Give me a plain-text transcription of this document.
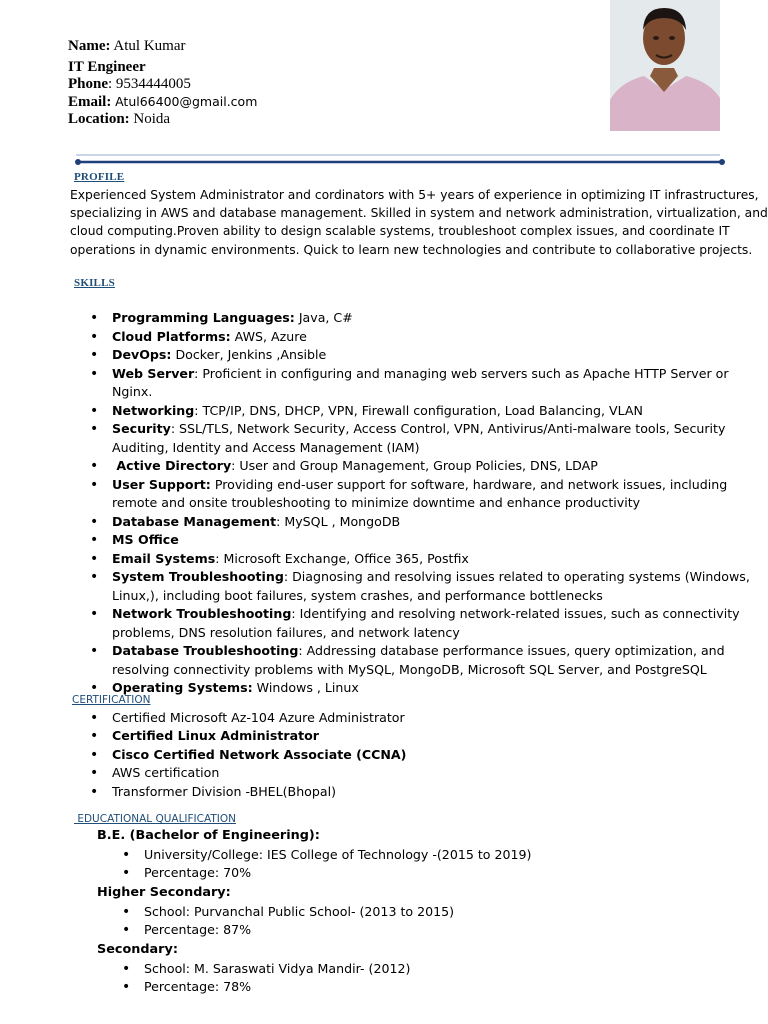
Name: Atul Kumar
IT Engineer
Phone: 9534444005
Email: Atul66400@gmail.com
Location: Noida
PROFILE
Experienced System Administrator and cordinators with 5+ years of experience in optimizing IT infrastructures,
specializing in AWS and database management. Skilled in system and network administration, virtualization, and
cloud computing.Proven ability to design scalable systems, troubleshoot complex issues, and coordinate IT
operations in dynamic environments. Quick to learn new technologies and contribute to collaborative projects.
SKILLS
• Programming Languages: Java, C#
• Cloud Platforms: AWS, Azure
• DevOps: Docker, Jenkins ,Ansible
• Web Server: Proficient in configuring and managing web servers such as Apache HTTP Server or Nginx.
• Networking: TCP/IP, DNS, DHCP, VPN, Firewall configuration, Load Balancing, VLAN
• Security: SSL/TLS, Network Security, Access Control, VPN, Antivirus/Anti-malware tools, Security Auditing, Identity and Access Management (IAM)
• Active Directory: User and Group Management, Group Policies, DNS, LDAP
• User Support: Providing end-user support for software, hardware, and network issues, including remote and onsite troubleshooting to minimize downtime and enhance productivity
• Database Management: MySQL , MongoDB
• MS Office
• Email Systems: Microsoft Exchange, Office 365, Postfix
• System Troubleshooting: Diagnosing and resolving issues related to operating systems (Windows, Linux,), including boot failures, system crashes, and performance bottlenecks
• Network Troubleshooting: Identifying and resolving network-related issues, such as connectivity problems, DNS resolution failures, and network latency
• Database Troubleshooting: Addressing database performance issues, query optimization, and resolving connectivity problems with MySQL, MongoDB, Microsoft SQL Server, and PostgreSQL
• Operating Systems: Windows , Linux
CERTIFICATION
• Certified Microsoft Az-104 Azure Administrator
• Certified Linux Administrator
• Cisco Certified Network Associate (CCNA)
• AWS certification
• Transformer Division -BHEL(Bhopal)
EDUCATIONAL QUALIFICATION
B.E. (Bachelor of Engineering):
• University/College: IES College of Technology -(2015 to 2019)
• Percentage: 70%
Higher Secondary:
• School: Purvanchal Public School- (2013 to 2015)
• Percentage: 87%
Secondary:
• School: M. Saraswati Vidya Mandir- (2012)
• Percentage: 78%
